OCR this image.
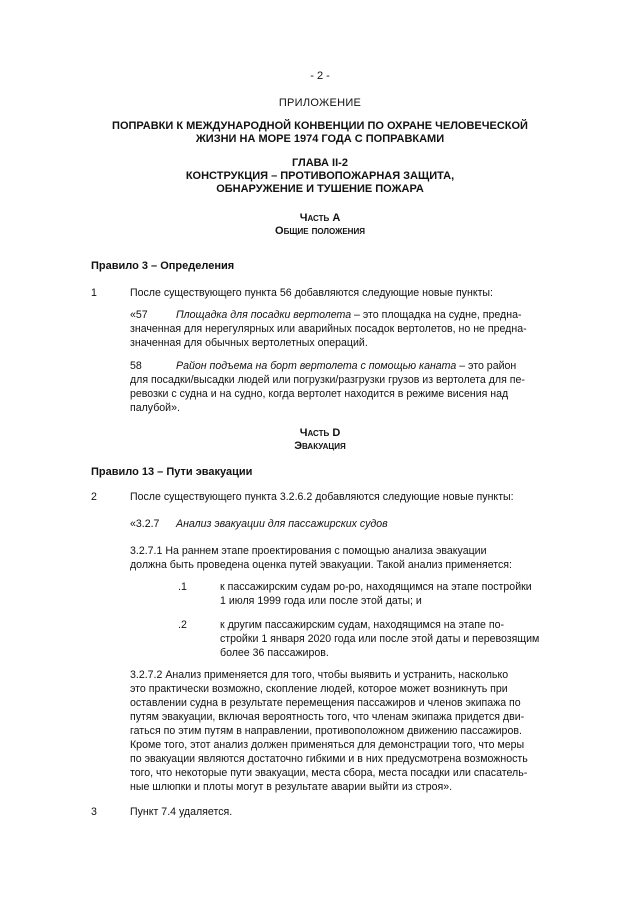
- 2 -
ПРИЛОЖЕНИЕ
ПОПРАВКИ К МЕЖДУНАРОДНОЙ КОНВЕНЦИИ ПО ОХРАНЕ ЧЕЛОВЕЧЕСКОЙ
ЖИЗНИ НА МОРЕ 1974 ГОДА С ПОПРАВКАМИ
ГЛАВА II-2
КОНСТРУКЦИЯ – ПРОТИВОПОЖАРНАЯ ЗАЩИТА,
ОБНАРУЖЕНИЕ И ТУШЕНИЕ ПОЖАРА
Часть A
Общие положения
Правило 3 – Определения
1	После существующего пункта 56 добавляются следующие новые пункты:
«57	Площадка для посадки вертолета – это площадка на судне, предна-
значенная для нерегулярных или аварийных посадок вертолетов, но не предна-
значенная для обычных вертолетных операций.
58	Район подъема на борт вертолета с помощью каната – это район
для посадки/высадки людей или погрузки/разгрузки грузов из вертолета для пе-
ревозки с судна и на судно, когда вертолет находится в режиме висения над
палубой».
Часть D
Эвакуация
Правило 13 – Пути эвакуации
2	После существующего пункта 3.2.6.2 добавляются следующие новые пункты:
«3.2.7 Анализ эвакуации для пассажирских судов
3.2.7.1 На раннем этапе проектирования с помощью анализа эвакуации
должна быть проведена оценка путей эвакуации. Такой анализ применяется:
.1	к пассажирским судам ро-ро, находящимся на этапе постройки
1 июля 1999 года или после этой даты; и
.2	к другим пассажирским судам, находящимся на этапе по-
стройки 1 января 2020 года или после этой даты и перевозящим
более 36 пассажиров.
3.2.7.2 Анализ применяется для того, чтобы выявить и устранить, насколько
это практически возможно, скопление людей, которое может возникнуть при
оставлении судна в результате перемещения пассажиров и членов экипажа по
путям эвакуации, включая вероятность того, что членам экипажа придется дви-
гаться по этим путям в направлении, противоположном движению пассажиров.
Кроме того, этот анализ должен применяться для демонстрации того, что меры
по эвакуации являются достаточно гибкими и в них предусмотрена возможность
того, что некоторые пути эвакуации, места сбора, места посадки или спасатель-
ные шлюпки и плоты могут в результате аварии выйти из строя».
3	Пункт 7.4 удаляется.
